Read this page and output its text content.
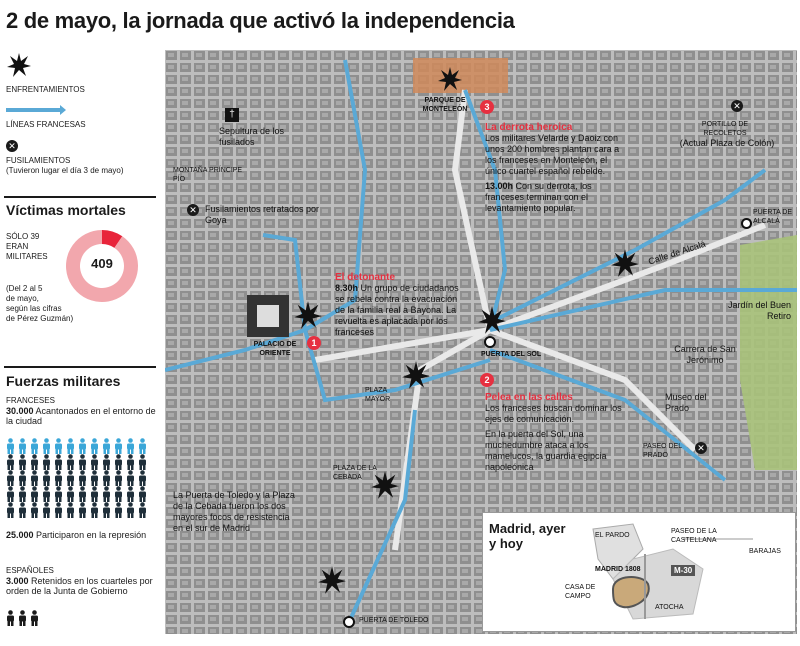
2 de mayo, la jornada que activó la independencia
ENFRENTAMIENTOS
LÍNEAS FRANCESAS
✕
FUSILAMIENTOS
(Tuvieron lugar el día 3 de mayo)
Víctimas mortales
SÓLO 39
ERAN
MILITARES	409
(Del 2 al 5
de mayo,
según las cifras
de Pérez Guzmán)
Fuerzas militares
FRANCESES
30.000 Acantonados en el entorno de la ciudad

25.000 Participaron en la represión
ESPAÑOLES
3.000 Retenidos en los cuarteles por orden de la Junta de Gobierno
PARQUE DE MONTELEÓN
†
Sepultura de los fusilados
MONTAÑA PRÍNCIPE PÍO
✕ Fusilamientos retratados por Goya
PALACIO DE ORIENTE
PLAZA MAYOR
PUERTA DEL SOL
PLAZA DE LA CEBADA
PUERTA DE TOLEDO
✕
PORTILLO DE RECOLETOS
(Actual Plaza de Colón)
PUERTA DE ALCALÁ
Calle de Alcalá
Jardín del Buen Retiro
Carrera de San Jerónimo
Museo del Prado
PASEO DEL PRADO
✕
3
La derrota heroica
Los militares Velarde y Daoiz con unos 200 hombres plantan cara a los franceses en Monteleón, el único cuartel español rebelde.
13.00h Con su derrota, los franceses terminan con el levantamiento popular.
1
El detonante
8.30h Un grupo de ciudadanos se rebela contra la evacuación de la familia real a Bayona. La revuelta es aplacada por los franceses
2
Pelea en las calles
Los franceses buscan dominar los ejes de comunicación.
En la puerta del Sol, una muchedumbre ataca a los mamelucos, la guardia egipcia napoleónica
La Puerta de Toledo y la Plaza de la Cebada fueron los dos mayores focos de resistencia en el sur de Madrid	Madrid, ayer y hoy
EL PARDO
PASEO DE LA CASTELLANA
BARAJAS
MADRID 1808	M-30
CASA DE CAMPO
ATOCHA
